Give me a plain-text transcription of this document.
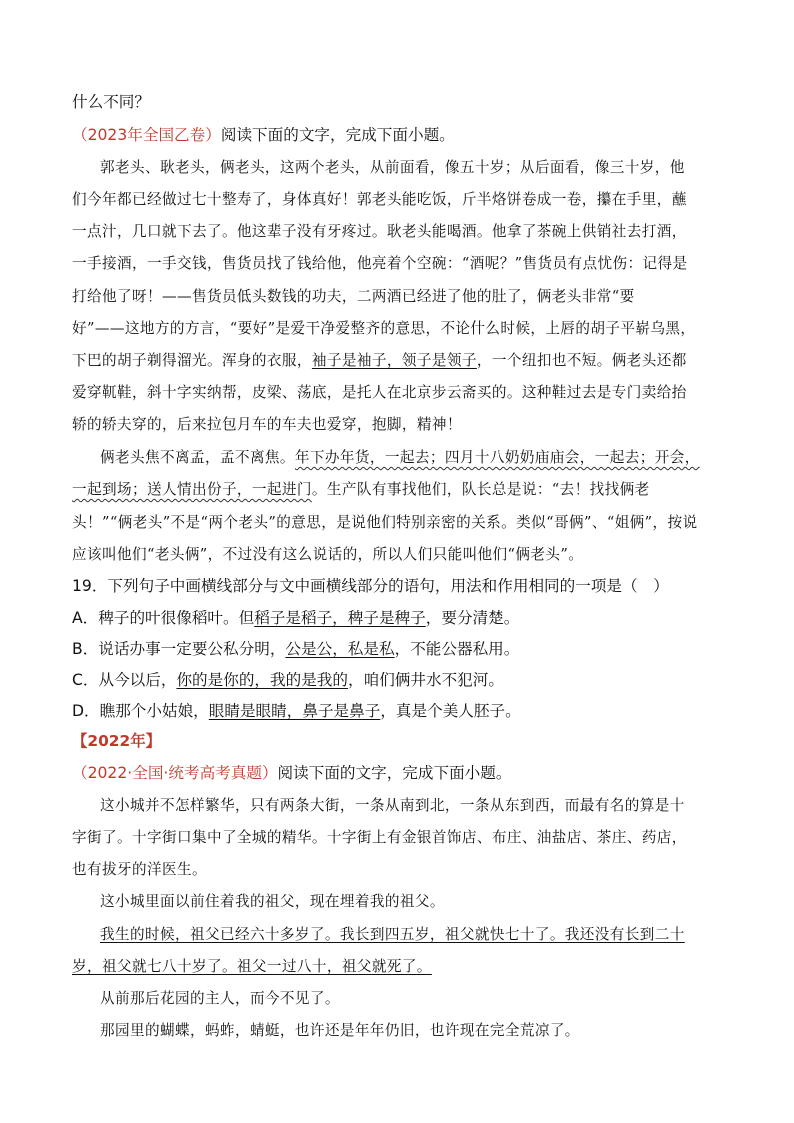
什么不同？
（2023年全国乙卷）阅读下面的文字，完成下面小题。
郭老头、耿老头，俩老头，这两个老头，从前面看，像五十岁；从后面看，像三十岁，他
们今年都已经做过七十整寿了，身体真好！郭老头能吃饭，斤半烙饼卷成一卷，攥在手里，蘸
一点汁，几口就下去了。他这辈子没有牙疼过。耿老头能喝酒。他拿了茶碗上供销社去打酒，
一手接酒，一手交钱，售货员找了钱给他，他亮着个空碗：“酒呢？”售货员有点忧伤：记得是
打给他了呀！——售货员低头数钱的功夫，二两酒已经进了他的肚了，俩老头非常“要
好”——这地方的方言，“要好”是爱干净爱整齐的意思，不论什么时候，上唇的胡子平崭乌黑，
下巴的胡子剃得溜光。浑身的衣服，袖子是袖子，领子是领子，一个纽扣也不短。俩老头还都
爱穿靰鞋，斜十字实纳帮，皮梁、荡底，是托人在北京步云斋买的。这种鞋过去是专门卖给抬
轿的轿夫穿的，后来拉包月车的车夫也爱穿，抱脚，精神！
俩老头焦不离孟，孟不离焦。年下办年货，一起去；四月十八奶奶庙庙会，一起去；开会，
一起到场；送人情出份子，一起进门。生产队有事找他们，队长总是说：“去！找找俩老
头！”“俩老头”不是“两个老头”的意思，是说他们特别亲密的关系。类似“哥俩”、“姐俩”，按说
应该叫他们“老头俩”，不过没有这么说话的，所以人们只能叫他们“俩老头”。
19．下列句子中画横线部分与文中画横线部分的语句，用法和作用相同的一项是（　）
A．稗子的叶很像稻叶。但稻子是稻子，稗子是稗子，要分清楚。
B．说话办事一定要公私分明，公是公，私是私，不能公器私用。
C．从今以后，你的是你的，我的是我的，咱们俩井水不犯河。
D．瞧那个小姑娘，眼睛是眼睛，鼻子是鼻子，真是个美人胚子。
【2022年】
（2022·全国·统考高考真题）阅读下面的文字，完成下面小题。
这小城并不怎样繁华，只有两条大街，一条从南到北，一条从东到西，而最有名的算是十
字街了。十字街口集中了全城的精华。十字街上有金银首饰店、布庄、油盐店、茶庄、药店，
也有拔牙的洋医生。
这小城里面以前住着我的祖父，现在埋着我的祖父。
我生的时候，祖父已经六十多岁了。我长到四五岁，祖父就快七十了。我还没有长到二十
岁，祖父就七八十岁了。祖父一过八十，祖父就死了。
从前那后花园的主人，而今不见了。
那园里的蝴蝶，蚂蚱，蜻蜓，也许还是年年仍旧，也许现在完全荒凉了。
